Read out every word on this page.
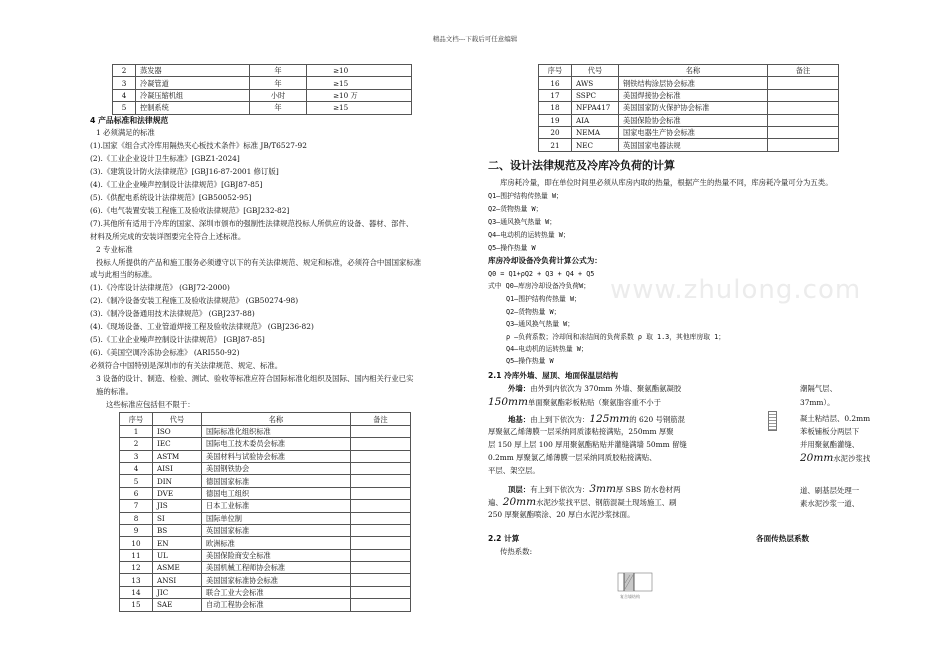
精品文档---下载后可任意编辑
2	蒸发器	年	≥10
3	冷凝管道	年	≥15
4	冷凝压缩机组	小时	≥10 万
5	控制系统	年	≥15

4 产品标准和法律规范

1 必须满足的标准

(1).国家《组合式冷库用隔热夹心板技术条件》标准 JB/T6527-92

(2).《工业企业设计卫生标准》[GBZ1-2024]

(3).《建筑设计防火法律规范》[GBJ16-87-2001 修订版]

(4).《工业企业噪声控制设计法律规范》[GBJ87-85]

(5).《供配电系统设计法律规范》[GB50052-95]

(6).《电气装置安装工程施工及验收法律规范》[GBJ232-82]

(7).其他所有适用于冷库的国家、深圳市颁布的强制性法律规范投标人所供应的设备、器材、部件、

材料及所完成的安装详图要完全符合上述标准。

2 专业标准

投标人所提供的产品和施工服务必须遵守以下的有关法律规范、规定和标准，必须符合中国国家标准

或与此相当的标准。

(1).《冷库设计法律规范》 (GBJ72-2000)

(2).《制冷设备安装工程施工及验收法律规范》 (GB50274-98)

(3).《制冷设备通用技术法律规范》 (GBJ237-88)

(4).《现场设备、工业管道焊接工程及验收法律规范》 (GBJ236-82)

(5).《工业企业噪声控制设计法律规范》 [GBJ87-85]

(6).《美国空调冷冻协会标准》 (ARI550-92)

必须符合中国特别是深圳市的有关法律规范、规定、标准。

3 设备的设计、制造、检验、测试、验收等标准应符合国际标准化组织及国际、国内相关行业已实

施的标准。

这些标准应包括但不限于：

序号	代号	名称	备注
1	ISO	国际标准化组织标准	
2	IEC	国际电工技术委员会标准	
3	ASTM	美国材料与试验协会标准	
4	AISI	美国钢铁协会	
5	DIN	德国国家标准	
6	DVE	德国电工组织	
7	JIS	日本工业标准	
8	SI	国际单位制	
9	BS	英国国家标准	
10	EN	欧洲标准	
11	UL	美国保险商安全标准	
12	ASME	美国机械工程师协会标准	
13	ANSI	美国国家标准协会标准	
14	JIC	联合工业大会标准	
15	SAE	自动工程协会标准	
序号	代号	名称	备注
16	AWS	钢铁结构涂层协会标准	
17	SSPC	美国焊接协会标准	
18	NFPA417	美国国家防火保护协会标准	
19	AIA	美国保险协会标准	
20	NEMA	国家电器生产协会标准	
21	NEC	英国国家电器法规	

二、设计法律规范及冷库冷负荷的计算

库房耗冷量，即在单位时间里必须从库房内取的热量，根据产生的热量不同，库房耗冷量可分为五类。

Q1—围护结构传热量 W；

Q2—货物热量 W；

Q3—通风换气热量 W；

Q4—电动机的运转热量 W；

Q5—操作热量 W

库房冷却设备冷负荷计算公式为：

Q0 = Q1+ρQ2 + Q3 + Q4 + Q5

式中 Q0—库房冷却设备冷负荷W；

Q1—围护结构传热量 W；

Q2—货物热量 W；

Q3—通风换气热量 W；

ρ —负荷系数；冷却间和冻结间的负荷系数 ρ 取 1.3，其他库房取 1；

Q4—电动机的运转热量 W；

Q5—操作热量 W

2.1 冷库外墙、屋顶、地面保温层结构

外墙：由外到内依次为 370mm 外墙、聚氨酯氨凝胶

150mm单面聚氨酯彩板粘贴（聚氨脂容重不小于

潮隔气层、

37mm）。

地基：由上到下依次为：125mm的 620 号钢筋混

厚聚氨乙烯薄膜一层采纳同质漆粘接满贴，250mm 厚聚

层 150 厚上层 100 厚用聚氨酯粘贴并灌缝满墙 50mm 留缝

0.2mm 厚聚氯乙烯薄膜一层采纳同质胶粘接满贴、

平层、架空层。

凝土粘结层、0.2mm

苯板铺板分两层下

并用聚氨酯灌缝、

20mm水泥沙浆找

顶层：有上到下依次为：3mm厚 SBS 防水卷材两

遍、20mm水泥沙浆找平层、钢筋混凝土现场施工、刷

250 厚聚氨酯喷涂、20 厚白水泥沙浆抹面。

道、刷基层处理一

素水泥沙浆一道、

2.2 计算	各面传热层系数

传热系数:

复合墙结构
www.zhulong.com
